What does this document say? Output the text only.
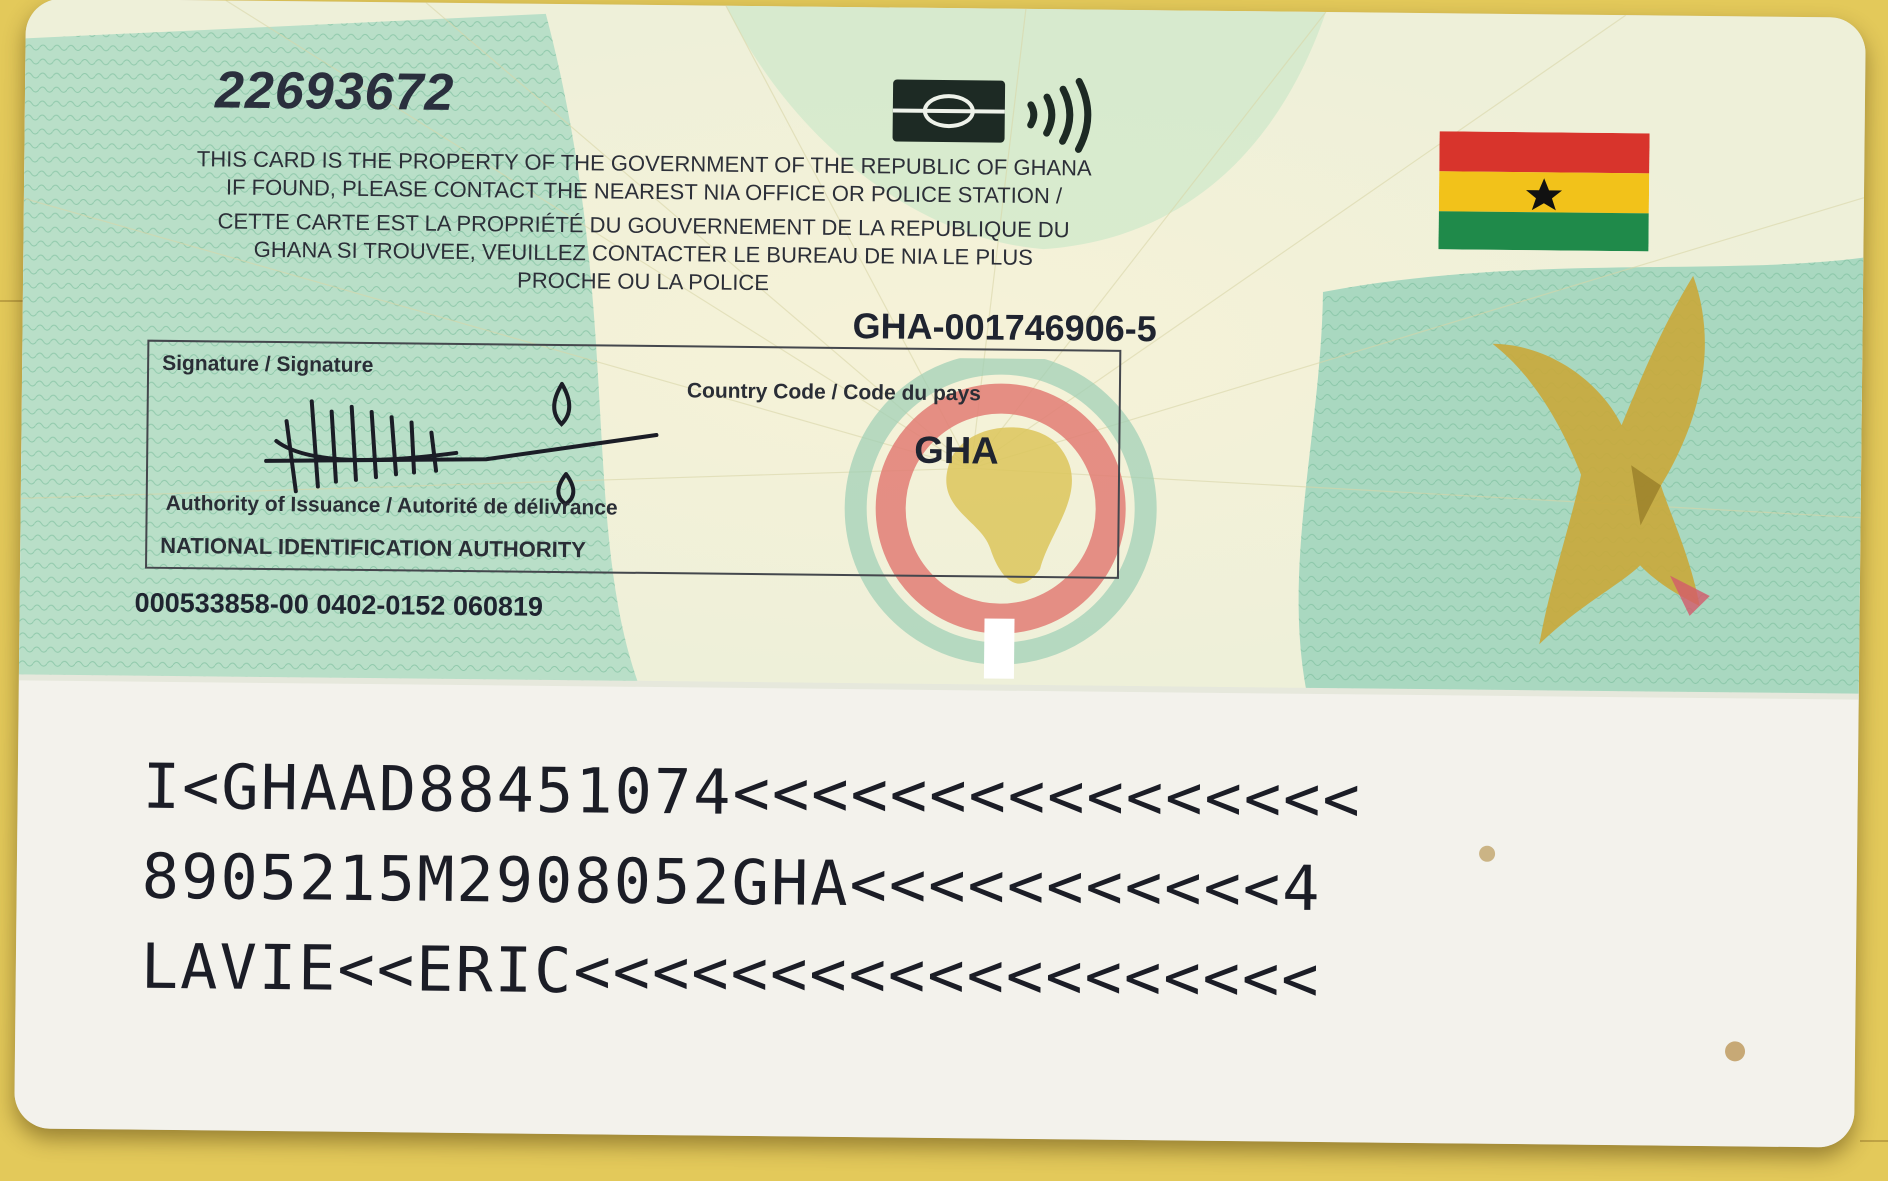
22693672
THIS CARD IS THE PROPERTY OF THE GOVERNMENT OF THE REPUBLIC OF GHANA
IF FOUND, PLEASE CONTACT THE NEAREST NIA OFFICE OR POLICE STATION /
CETTE CARTE EST LA PROPRIÉTÉ DU GOUVERNEMENT DE LA REPUBLIQUE DU
GHANA SI TROUVEE, VEUILLEZ CONTACTER LE BUREAU DE NIA LE PLUS
PROCHE OU LA POLICE
GHA-001746906-5
Signature / Signature
Country Code / Code du pays
GHA
Authority of Issuance / Autorité de délivrance
NATIONAL IDENTIFICATION AUTHORITY
000533858-00 0402-0152 060819
I<GHAAD88451074<<<<<<<<<<<<<<<<
8905215M2908052GHA<<<<<<<<<<<4
LAVIE<<ERIC<<<<<<<<<<<<<<<<<<<
